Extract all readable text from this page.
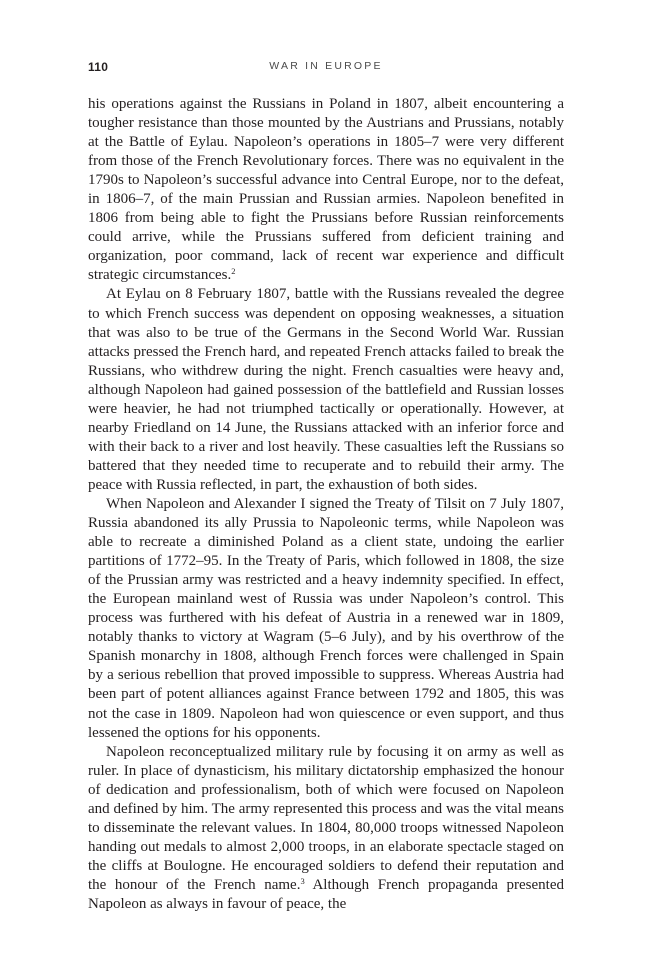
110	WAR IN EUROPE

his operations against the Russians in Poland in 1807, albeit encountering a tougher resistance than those mounted by the Austrians and Prussians, notably at the Battle of Eylau. Napoleon’s operations in 1805–7 were very different from those of the French Revolutionary forces. There was no equivalent in the 1790s to Napoleon’s successful advance into Central Europe, nor to the defeat, in 1806–7, of the main Prussian and Russian armies. Napoleon benefited in 1806 from being able to fight the Prussians before Russian reinforcements could arrive, while the Prussians suffered from deficient training and organization, poor command, lack of recent war experience and difficult strategic circumstances.$^2$

At Eylau on 8 February 1807, battle with the Russians revealed the degree to which French success was dependent on opposing weaknesses, a situation that was also to be true of the Germans in the Second World War. Russian attacks pressed the French hard, and repeated French attacks failed to break the Russians, who withdrew during the night. French casualties were heavy and, although Napoleon had gained possession of the battlefield and Russian losses were heavier, he had not triumphed tactically or operationally. However, at nearby Friedland on 14 June, the Russians attacked with an inferior force and with their back to a river and lost heavily. These casualties left the Russians so battered that they needed time to recuperate and to rebuild their army. The peace with Russia reflected, in part, the exhaustion of both sides.

When Napoleon and Alexander I signed the Treaty of Tilsit on 7 July 1807, Russia abandoned its ally Prussia to Napoleonic terms, while Napoleon was able to recreate a diminished Poland as a client state, undoing the earlier partitions of 1772–95. In the Treaty of Paris, which followed in 1808, the size of the Prussian army was restricted and a heavy indemnity specified. In effect, the European mainland west of Russia was under Napoleon’s control. This process was furthered with his defeat of Austria in a renewed war in 1809, notably thanks to victory at Wagram (5–6 July), and by his overthrow of the Spanish monarchy in 1808, although French forces were challenged in Spain by a serious rebellion that proved impossible to suppress. Whereas Austria had been part of potent alliances against France between 1792 and 1805, this was not the case in 1809. Napoleon had won quiescence or even support, and thus lessened the options for his opponents.

Napoleon reconceptualized military rule by focusing it on army as well as ruler. In place of dynasticism, his military dictatorship emphasized the honour of dedication and professionalism, both of which were focused on Napoleon and defined by him. The army represented this process and was the vital means to disseminate the relevant values. In 1804, 80,000 troops witnessed Napoleon handing out medals to almost 2,000 troops, in an elaborate spectacle staged on the cliffs at Boulogne. He encouraged soldiers to defend their reputation and the honour of the French name.$^3$ Although French propaganda presented Napoleon as always in favour of peace, the
